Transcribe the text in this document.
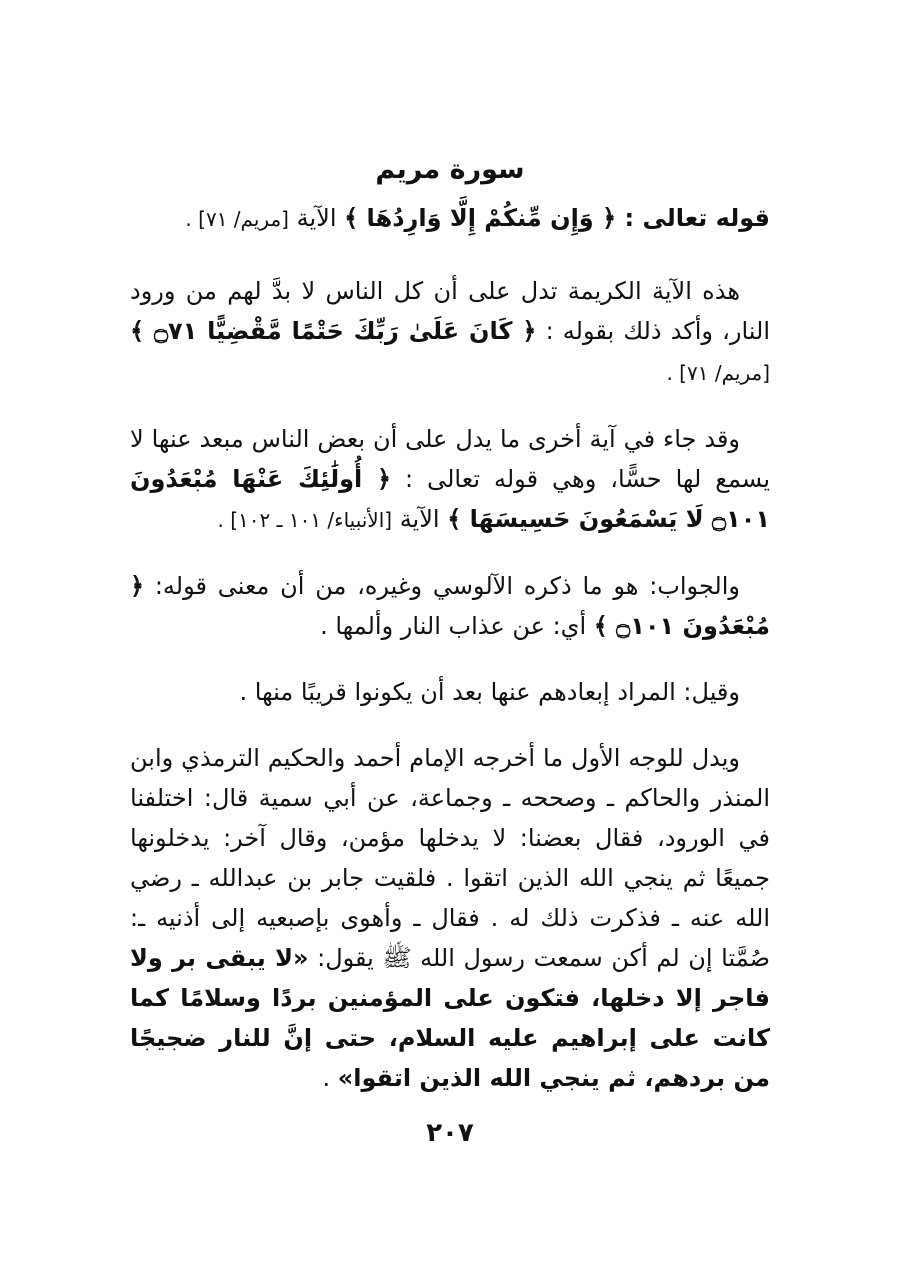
سورة مريم
قوله تعالى : ﴿ وَإِن مِّنكُمْ إِلَّا وَارِدُهَا ﴾ الآية [مريم/ ٧١] .

هذه الآية الكريمة تدل على أن كل الناس لا بدَّ لهم من ورود النار، وأكد ذلك بقوله : ﴿ كَانَ عَلَىٰ رَبِّكَ حَتْمًا مَّقْضِيًّا ۝٧١ ﴾ [مريم/ ٧١] .

وقد جاء في آية أخرى ما يدل على أن بعض الناس مبعد عنها لا يسمع لها حسًّا، وهي قوله تعالى : ﴿ أُولَٰئِكَ عَنْهَا مُبْعَدُونَ ۝١٠١ لَا يَسْمَعُونَ حَسِيسَهَا ﴾ الآية [الأنبياء/ ١٠١ ـ ١٠٢] .

والجواب: هو ما ذكره الآلوسي وغيره، من أن معنى قوله: ﴿ مُبْعَدُونَ ۝١٠١ ﴾ أي: عن عذاب النار وألمها .

وقيل: المراد إبعادهم عنها بعد أن يكونوا قريبًا منها .

ويدل للوجه الأول ما أخرجه الإمام أحمد والحكيم الترمذي وابن المنذر والحاكم ـ وصححه ـ وجماعة، عن أبي سمية قال: اختلفنا في الورود، فقال بعضنا: لا يدخلها مؤمن، وقال آخر: يدخلونها جميعًا ثم ينجي الله الذين اتقوا . فلقيت جابر بن عبدالله ـ رضي الله عنه ـ فذكرت ذلك له . فقال ـ وأهوى بإصبعيه إلى أذنيه ـ: صُمَّتا إن لم أكن سمعت رسول الله ﷺ يقول: «لا يبقى بر ولا فاجر إلا دخلها، فتكون على المؤمنين بردًا وسلامًا كما كانت على إبراهيم عليه السلام، حتى إنَّ للنار ضجيجًا من بردهم، ثم ينجي الله الذين اتقوا» .

٢٠٧
